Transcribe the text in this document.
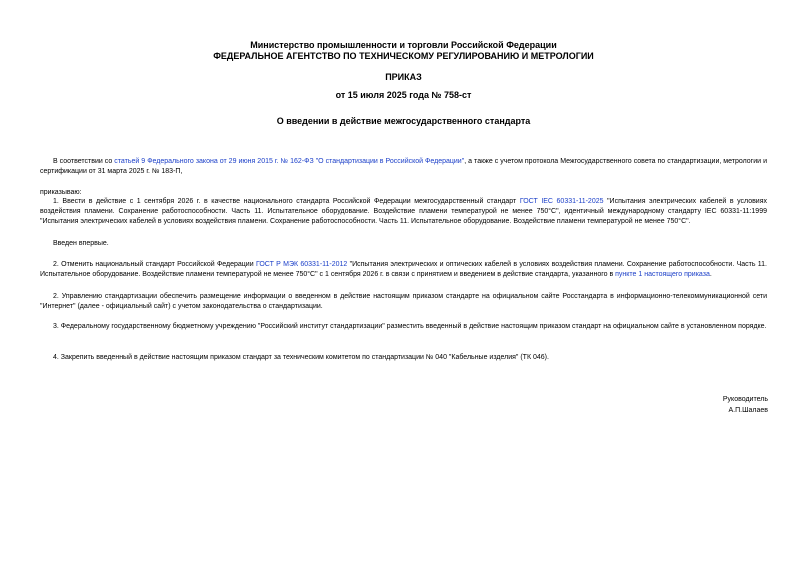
Министерство промышленности и торговли Российской Федерации
ФЕДЕРАЛЬНОЕ АГЕНТСТВО ПО ТЕХНИЧЕСКОМУ РЕГУЛИРОВАНИЮ И МЕТРОЛОГИИ
ПРИКАЗ
от 15 июля 2025 года № 758-ст
О введении в действие межгосударственного стандарта
В соответствии со статьей 9 Федерального закона от 29 июня 2015 г. № 162-ФЗ "О стандартизации в Российской Федерации", а также с учетом протокола Межгосударственного совета по стандартизации, метрологии и сертификации от 31 марта 2025 г. № 183-П,
приказываю:
1. Ввести в действие с 1 сентября 2026 г. в качестве национального стандарта Российской Федерации межгосударственный стандарт ГОСТ IEC 60331-11-2025 "Испытания электрических кабелей в условиях воздействия пламени. Сохранение работоспособности. Часть 11. Испытательное оборудование. Воздействие пламени температурой не менее 750°С", идентичный международному стандарту IEC 60331-11:1999 "Испытания электрических кабелей в условиях воздействия пламени. Сохранение работоспособности. Часть 11. Испытательное оборудование. Воздействие пламени температурой не менее 750°С".
Введен впервые.
2. Отменить национальный стандарт Российской Федерации ГОСТ Р МЭК 60331-11-2012 "Испытания электрических и оптических кабелей в условиях воздействия пламени. Сохранение работоспособности. Часть 11. Испытательное оборудование. Воздействие пламени температурой не менее 750°С" с 1 сентября 2026 г. в связи с принятием и введением в действие стандарта, указанного в пункте 1 настоящего приказа.
2. Управлению стандартизации обеспечить размещение информации о введенном в действие настоящим приказом стандарте на официальном сайте Росстандарта в информационно-телекоммуникационной сети "Интернет" (далее - официальный сайт) с учетом законодательства о стандартизации.
3. Федеральному государственному бюджетному учреждению "Российский институт стандартизации" разместить введенный в действие настоящим приказом стандарт на официальном сайте в установленном порядке.
4. Закрепить введенный в действие настоящим приказом стандарт за техническим комитетом по стандартизации № 040 "Кабельные изделия" (ТК 046).
Руководитель
А.П.Шалаев
